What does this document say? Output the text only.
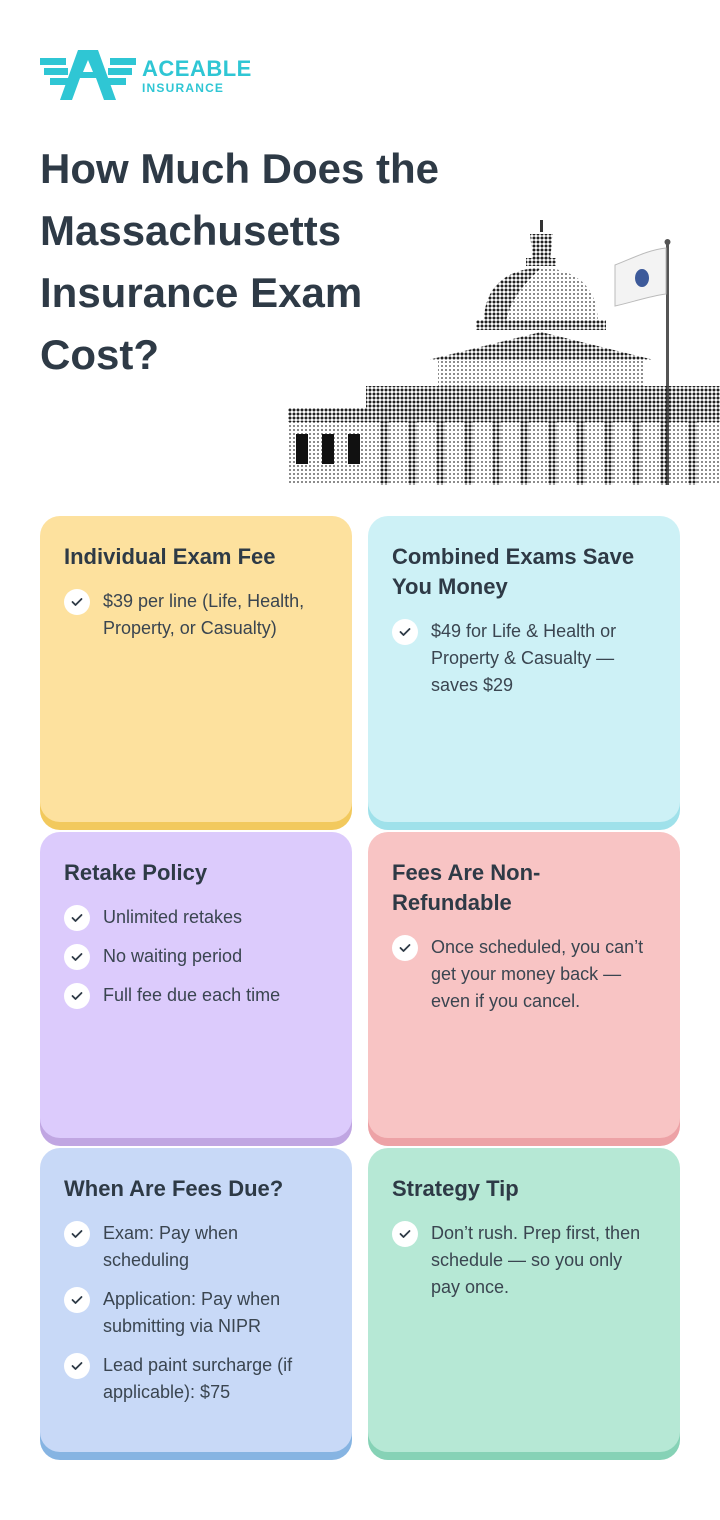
ACEABLE
INSURANCE
How Much Does the Massachusetts Insurance Exam Cost?
Individual Exam Fee
$39 per line (Life, Health, Property, or Casualty)
Combined Exams Save You Money
$49 for Life & Health or Property & Casualty — saves $29
Retake Policy
Unlimited retakes
No waiting period
Full fee due each time
Fees Are Non-Refundable
Once scheduled, you can’t get your money back — even if you cancel.
When Are Fees Due?
Exam: Pay when scheduling
Application: Pay when submitting via NIPR
Lead paint surcharge (if applicable): $75
Strategy Tip
Don’t rush. Prep first, then schedule — so you only pay once.
